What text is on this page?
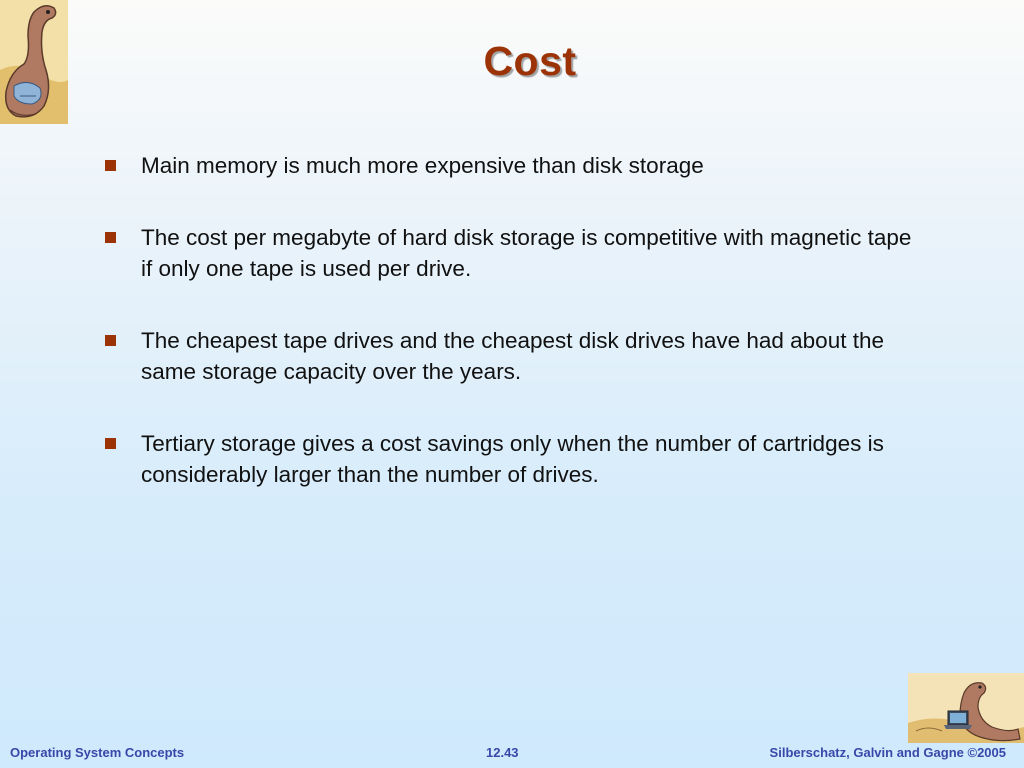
Cost
Main memory is much more expensive than disk storage
The cost per megabyte of hard disk storage is competitive with magnetic tape if only one tape is used per drive.
The cheapest tape drives and the cheapest disk drives have had about the same storage capacity over the years.
Tertiary storage gives a cost savings only when the number of cartridges is considerably larger than the number of drives.
Operating System Concepts	12.43	Silberschatz, Galvin and Gagne ©2005
